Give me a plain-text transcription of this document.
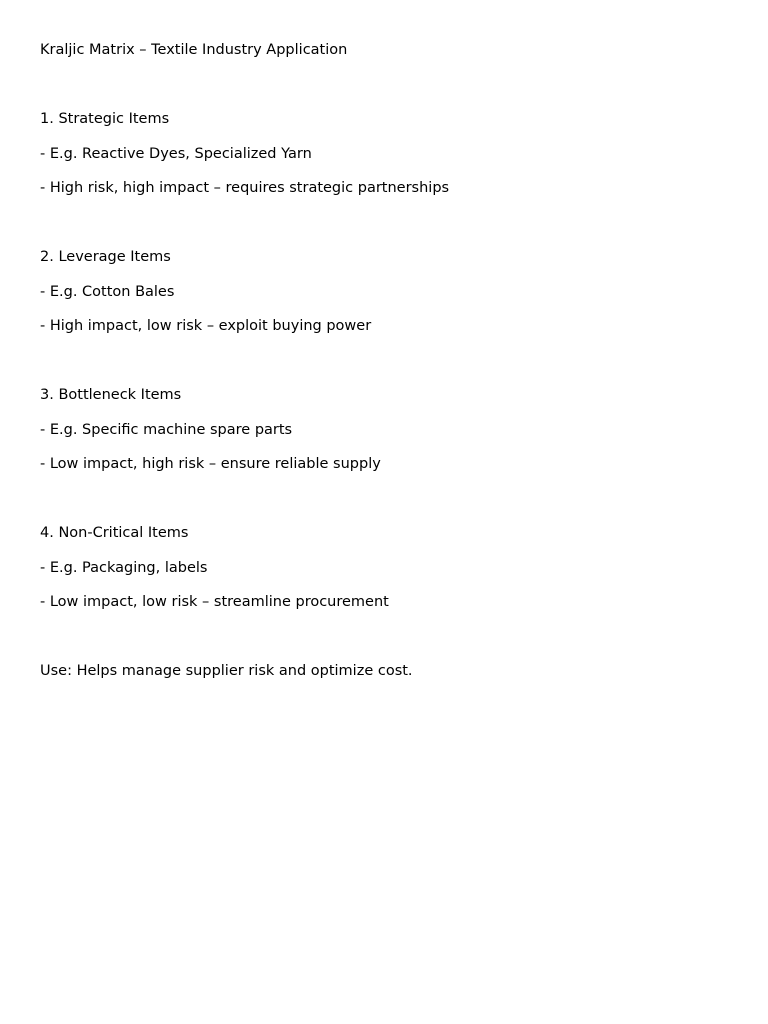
Kraljic Matrix – Textile Industry Application
1. Strategic Items
- E.g. Reactive Dyes, Specialized Yarn
- High risk, high impact – requires strategic partnerships
2. Leverage Items
- E.g. Cotton Bales
- High impact, low risk – exploit buying power
3. Bottleneck Items
- E.g. Specific machine spare parts
- Low impact, high risk – ensure reliable supply
4. Non-Critical Items
- E.g. Packaging, labels
- Low impact, low risk – streamline procurement
Use: Helps manage supplier risk and optimize cost.
